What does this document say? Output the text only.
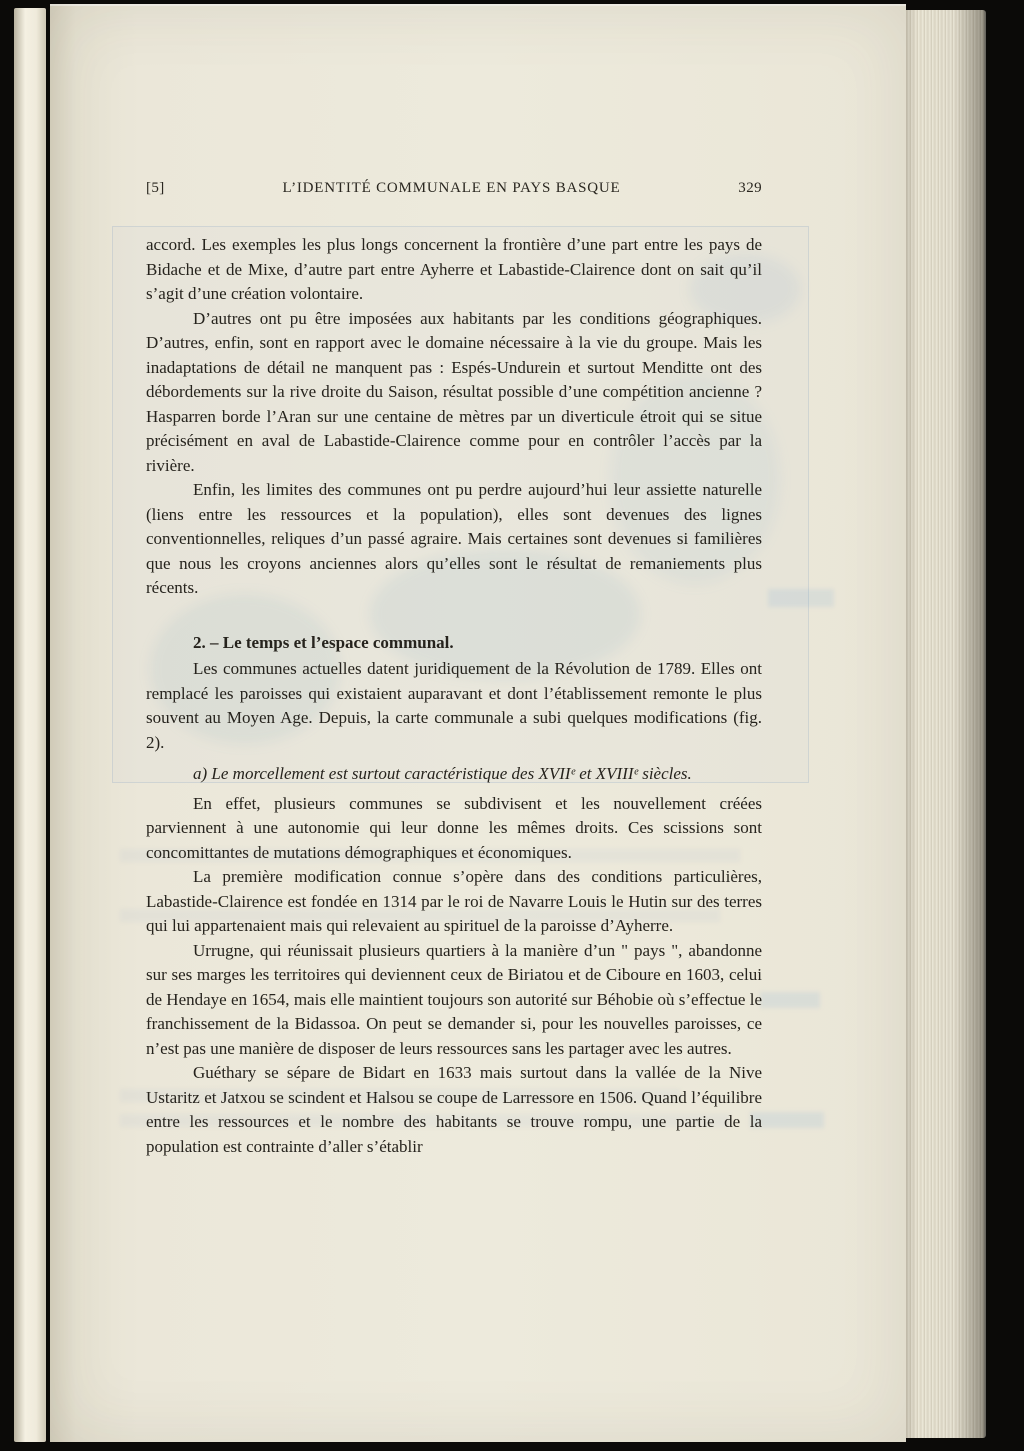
[5]	L’IDENTITÉ COMMUNALE EN PAYS BASQUE	329

accord. Les exemples les plus longs concernent la frontière d’une part entre les pays de Bidache et de Mixe, d’autre part entre Ayherre et Labastide-Clairence dont on sait qu’il s’agit d’une création volontaire.

D’autres ont pu être imposées aux habitants par les conditions géographiques. D’autres, enfin, sont en rapport avec le domaine nécessaire à la vie du groupe. Mais les inadaptations de détail ne manquent pas : Espés-Undurein et surtout Menditte ont des débordements sur la rive droite du Saison, résultat possible d’une compétition ancienne ? Hasparren borde l’Aran sur une centaine de mètres par un diverticule étroit qui se situe précisément en aval de Labastide-Clairence comme pour en contrôler l’accès par la rivière.

Enfin, les limites des communes ont pu perdre aujourd’hui leur assiette naturelle (liens entre les ressources et la population), elles sont devenues des lignes conventionnelles, reliques d’un passé agraire. Mais certaines sont devenues si familières que nous les croyons anciennes alors qu’elles sont le résultat de remaniements plus récents.

2. – Le temps et l’espace communal.

Les communes actuelles datent juridiquement de la Révolution de 1789. Elles ont remplacé les paroisses qui existaient auparavant et dont l’établissement remonte le plus souvent au Moyen Age. Depuis, la carte communale a subi quelques modifications (fig. 2).

a) Le morcellement est surtout caractéristique des XVIIᵉ et XVIIIᵉ siècles.

En effet, plusieurs communes se subdivisent et les nouvellement créées parviennent à une autonomie qui leur donne les mêmes droits. Ces scissions sont concomittantes de mutations démographiques et économiques.

La première modification connue s’opère dans des conditions particulières, Labastide-Clairence est fondée en 1314 par le roi de Navarre Louis le Hutin sur des terres qui lui appartenaient mais qui relevaient au spirituel de la paroisse d’Ayherre.

Urrugne, qui réunissait plusieurs quartiers à la manière d’un " pays ", abandonne sur ses marges les territoires qui deviennent ceux de Biriatou et de Ciboure en 1603, celui de Hendaye en 1654, mais elle maintient toujours son autorité sur Béhobie où s’effectue le franchissement de la Bidassoa. On peut se demander si, pour les nouvelles paroisses, ce n’est pas une manière de disposer de leurs ressources sans les partager avec les autres.

Guéthary se sépare de Bidart en 1633 mais surtout dans la vallée de la Nive Ustaritz et Jatxou se scindent et Halsou se coupe de Larressore en 1506. Quand l’équilibre entre les ressources et le nombre des habitants se trouve rompu, une partie de la population est contrainte d’aller s’établir
